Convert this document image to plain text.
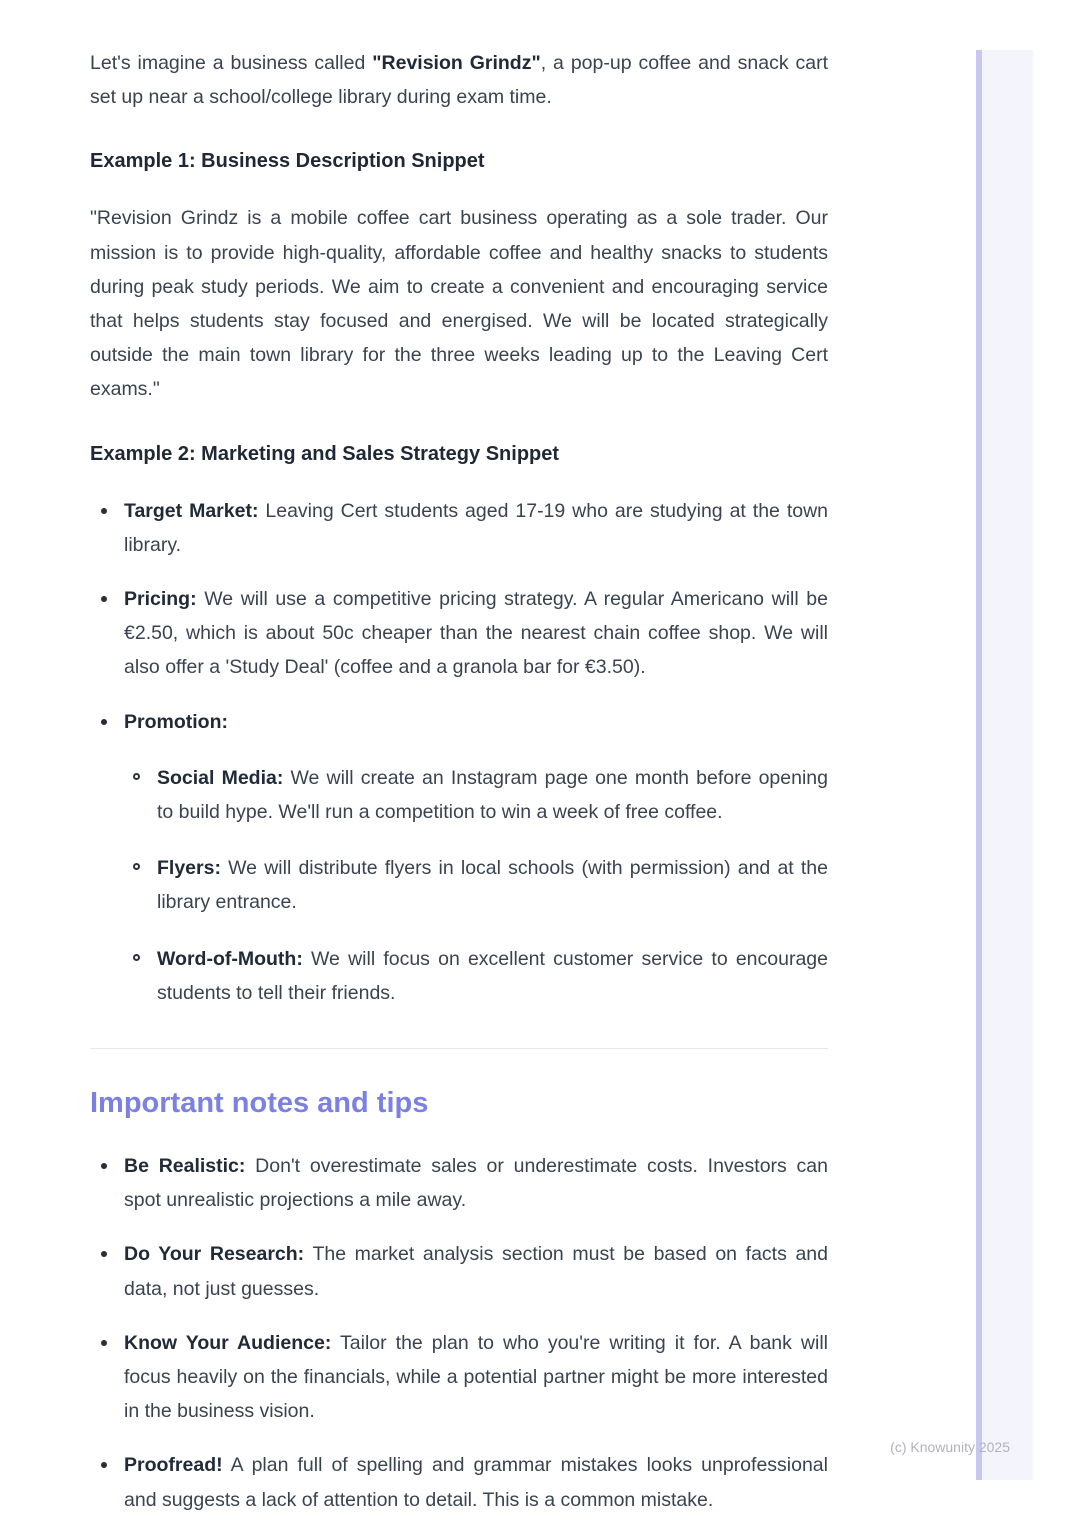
Let's imagine a business called "Revision Grindz", a pop-up coffee and snack cart set up near a school/college library during exam time.

Example 1: Business Description Snippet

"Revision Grindz is a mobile coffee cart business operating as a sole trader. Our mission is to provide high-quality, affordable coffee and healthy snacks to students during peak study periods. We aim to create a convenient and encouraging service that helps students stay focused and energised. We will be located strategically outside the main town library for the three weeks leading up to the Leaving Cert exams."

Example 2: Marketing and Sales Strategy Snippet
Target Market: Leaving Cert students aged 17-19 who are studying at the town library.
Pricing: We will use a competitive pricing strategy. A regular Americano will be €2.50, which is about 50c cheaper than the nearest chain coffee shop. We will also offer a 'Study Deal' (coffee and a granola bar for €3.50).
Promotion:
Social Media: We will create an Instagram page one month before opening to build hype. We'll run a competition to win a week of free coffee.
Flyers: We will distribute flyers in local schools (with permission) and at the library entrance.
Word-of-Mouth: We will focus on excellent customer service to encourage students to tell their friends.
Important notes and tips
Be Realistic: Don't overestimate sales or underestimate costs. Investors can spot unrealistic projections a mile away.
Do Your Research: The market analysis section must be based on facts and data, not just guesses.
Know Your Audience: Tailor the plan to who you're writing it for. A bank will focus heavily on the financials, while a potential partner might be more interested in the business vision.
Proofread! A plan full of spelling and grammar mistakes looks unprofessional and suggests a lack of attention to detail. This is a common mistake.
(c) Knowunity 2025
